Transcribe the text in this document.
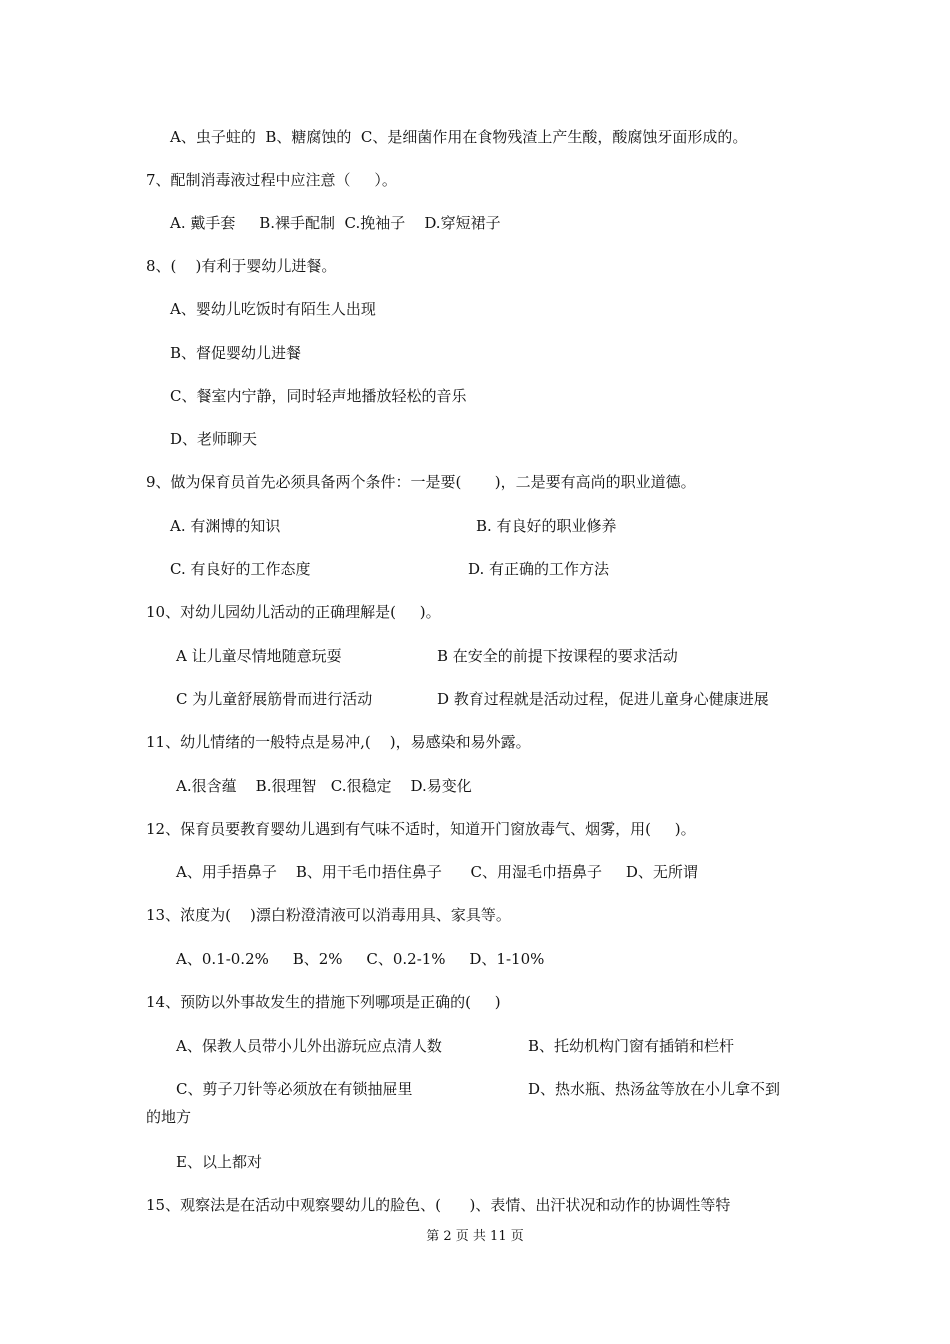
A、虫子蛀的  B、糖腐蚀的  C、是细菌作用在食物残渣上产生酸，酸腐蚀牙面形成的。
7、配制消毒液过程中应注意（     ）。
A. 戴手套     B.裸手配制  C.挽袖子    D.穿短裙子
8、(    )有利于婴幼儿进餐。
A、婴幼儿吃饭时有陌生人出现
B、督促婴幼儿进餐
C、餐室内宁静，同时轻声地播放轻松的音乐
D、老师聊天
9、做为保育员首先必须具备两个条件：一是要(       )，二是要有高尚的职业道德。
A. 有渊博的知识	B. 有良好的职业修养
C. 有良好的工作态度	D. 有正确的工作方法
10、对幼儿园幼儿活动的正确理解是(     )。
A 让儿童尽情地随意玩耍	B 在安全的前提下按课程的要求活动
C 为儿童舒展筋骨而进行活动	D 教育过程就是活动过程，促进儿童身心健康进展
11、幼儿情绪的一般特点是易冲,(    )，易感染和易外露。
A.很含蕴    B.很理智   C.很稳定    D.易变化
12、保育员要教育婴幼儿遇到有气味不适时，知道开门窗放毒气、烟雾，用(     )。
A、用手捂鼻子    B、用干毛巾捂住鼻子      C、用湿毛巾捂鼻子     D、无所谓
13、浓度为(    )漂白粉澄清液可以消毒用具、家具等。
A、0.1-0.2%     B、2%     C、0.2-1%     D、1-10%
14、预防以外事故发生的措施下列哪项是正确的(     )
A、保教人员带小儿外出游玩应点清人数	B、托幼机构门窗有插销和栏杆
C、剪子刀针等必须放在有锁抽屉里	D、热水瓶、热汤盆等放在小儿拿不到
的地方
E、以上都对
15、观察法是在活动中观察婴幼儿的脸色、(      )、表情、出汗状况和动作的协调性等特
第 2 页 共 11 页
